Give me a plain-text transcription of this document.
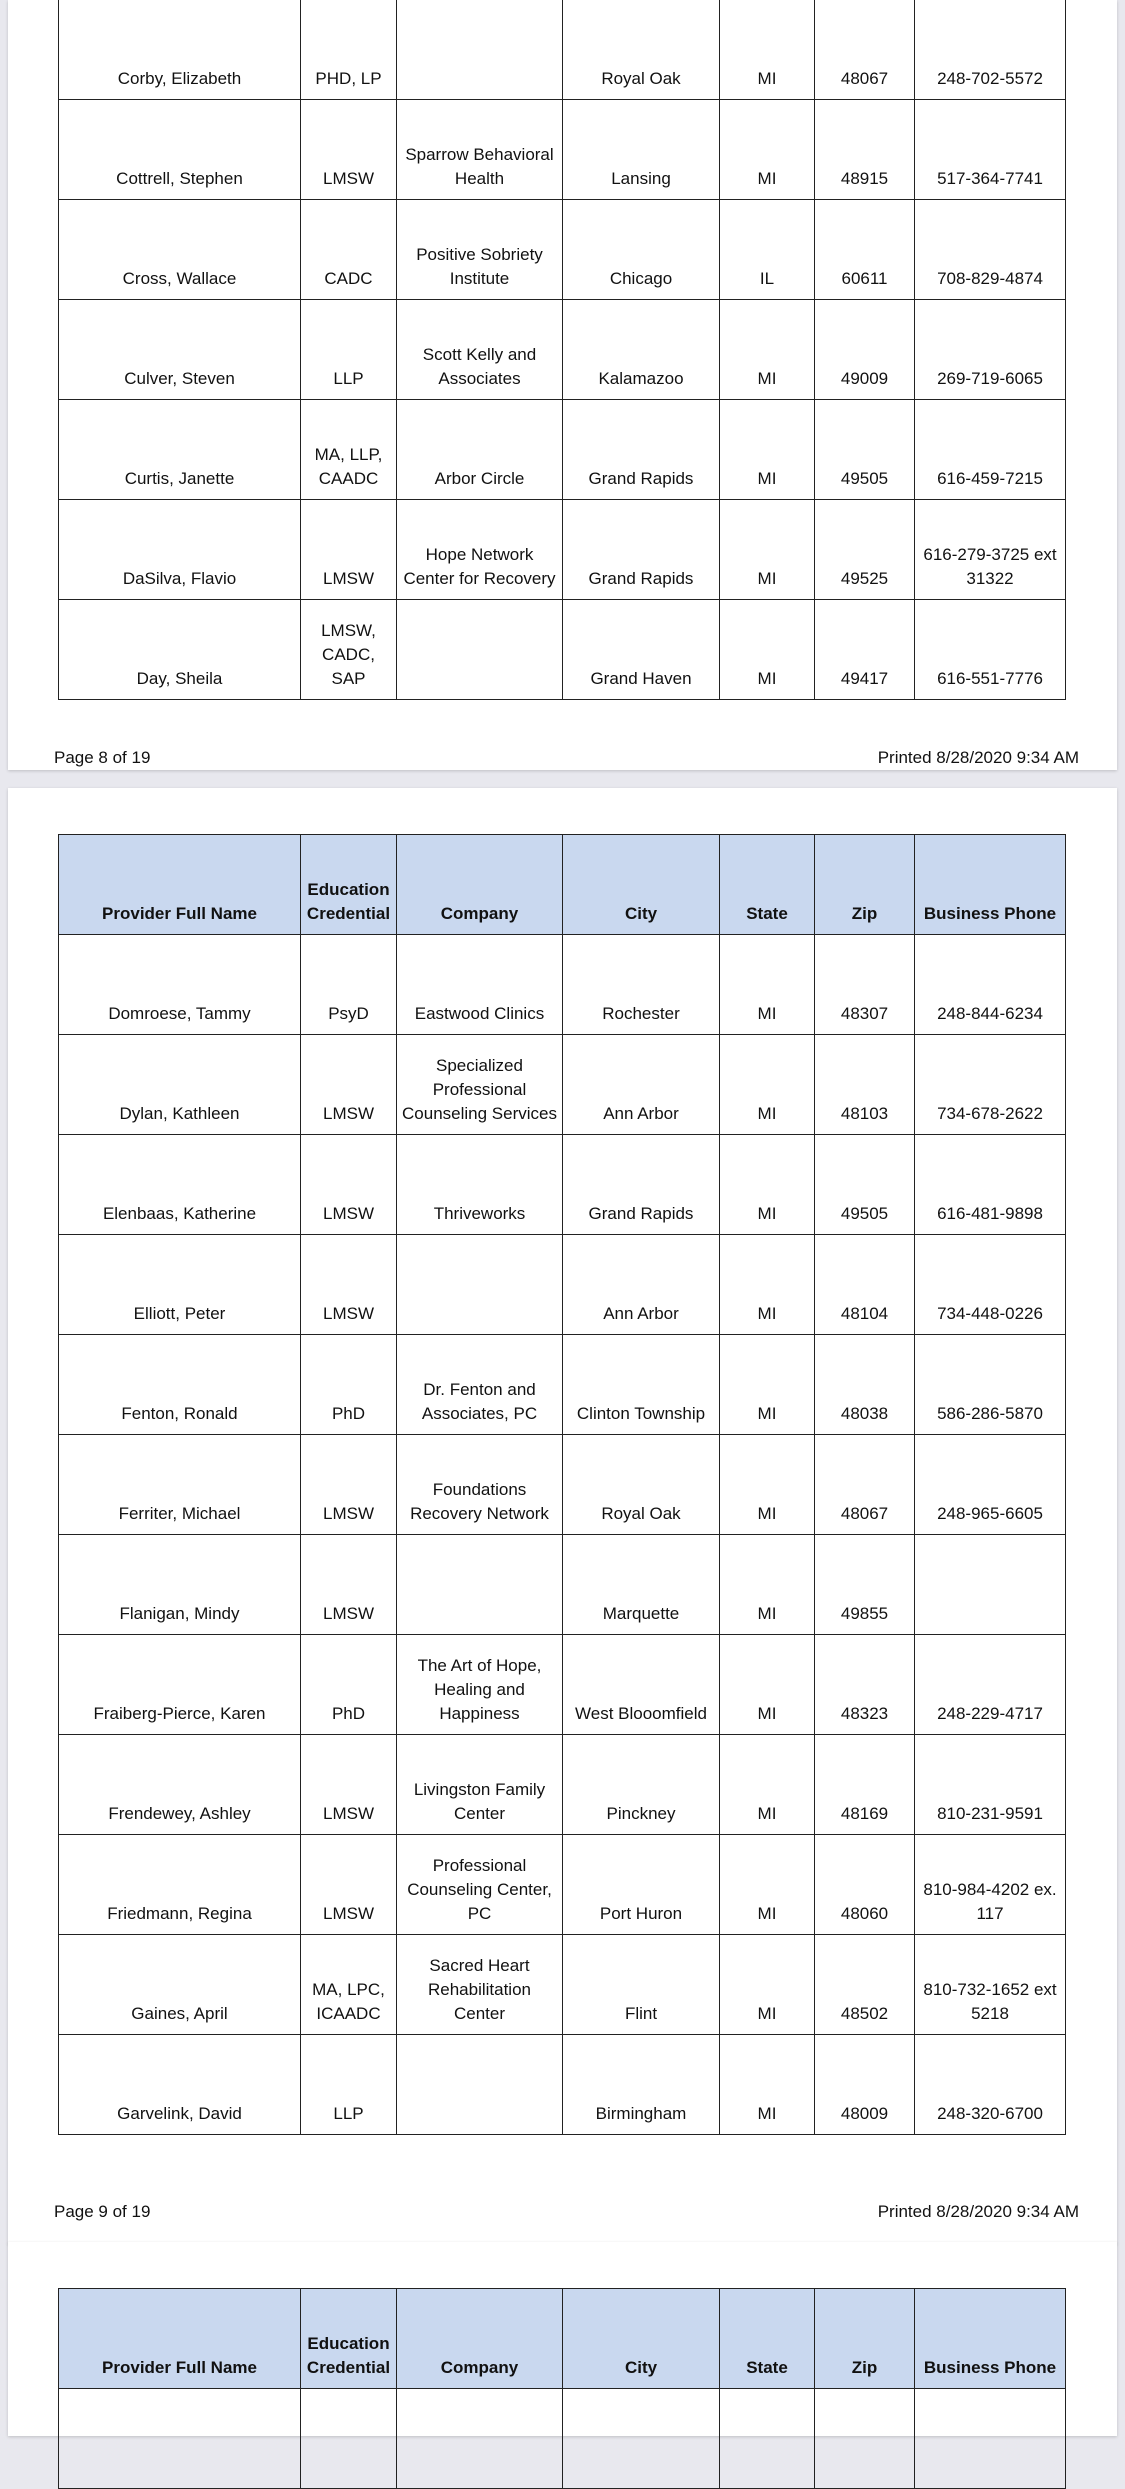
Corby, Elizabeth	PHD, LP		Royal Oak	MI	48067	248-702-5572
Cottrell, Stephen	LMSW	Sparrow Behavioral Health	Lansing	MI	48915	517-364-7741
Cross, Wallace	CADC	Positive Sobriety Institute	Chicago	IL	60611	708-829-4874
Culver, Steven	LLP	Scott Kelly and Associates	Kalamazoo	MI	49009	269-719-6065
Curtis, Janette	MA, LLP, CAADC	Arbor Circle	Grand Rapids	MI	49505	616-459-7215
DaSilva, Flavio	LMSW	Hope Network Center for Recovery	Grand Rapids	MI	49525	616-279-3725 ext 31322
Day, Sheila	LMSW, CADC, SAP		Grand Haven	MI	49417	616-551-7776
Page 8 of 19	Printed 8/28/2020 9:34 AM
Provider Full Name	Education Credential	Company	City	State	Zip	Business Phone
Domroese, Tammy	PsyD	Eastwood Clinics	Rochester	MI	48307	248-844-6234
Dylan, Kathleen	LMSW	Specialized Professional Counseling Services	Ann Arbor	MI	48103	734-678-2622
Elenbaas, Katherine	LMSW	Thriveworks	Grand Rapids	MI	49505	616-481-9898
Elliott, Peter	LMSW		Ann Arbor	MI	48104	734-448-0226
Fenton, Ronald	PhD	Dr. Fenton and Associates, PC	Clinton Township	MI	48038	586-286-5870
Ferriter, Michael	LMSW	Foundations Recovery Network	Royal Oak	MI	48067	248-965-6605
Flanigan, Mindy	LMSW		Marquette	MI	49855	
Fraiberg-Pierce, Karen	PhD	The Art of Hope, Healing and Happiness	West Blooomfield	MI	48323	248-229-4717
Frendewey, Ashley	LMSW	Livingston Family Center	Pinckney	MI	48169	810-231-9591
Friedmann, Regina	LMSW	Professional Counseling Center, PC	Port Huron	MI	48060	810-984-4202 ex. 117
Gaines, April	MA, LPC, ICAADC	Sacred Heart Rehabilitation Center	Flint	MI	48502	810-732-1652 ext 5218
Garvelink, David	LLP		Birmingham	MI	48009	248-320-6700
Page 9 of 19	Printed 8/28/2020 9:34 AM
Provider Full Name	Education Credential	Company	City	State	Zip	Business Phone
